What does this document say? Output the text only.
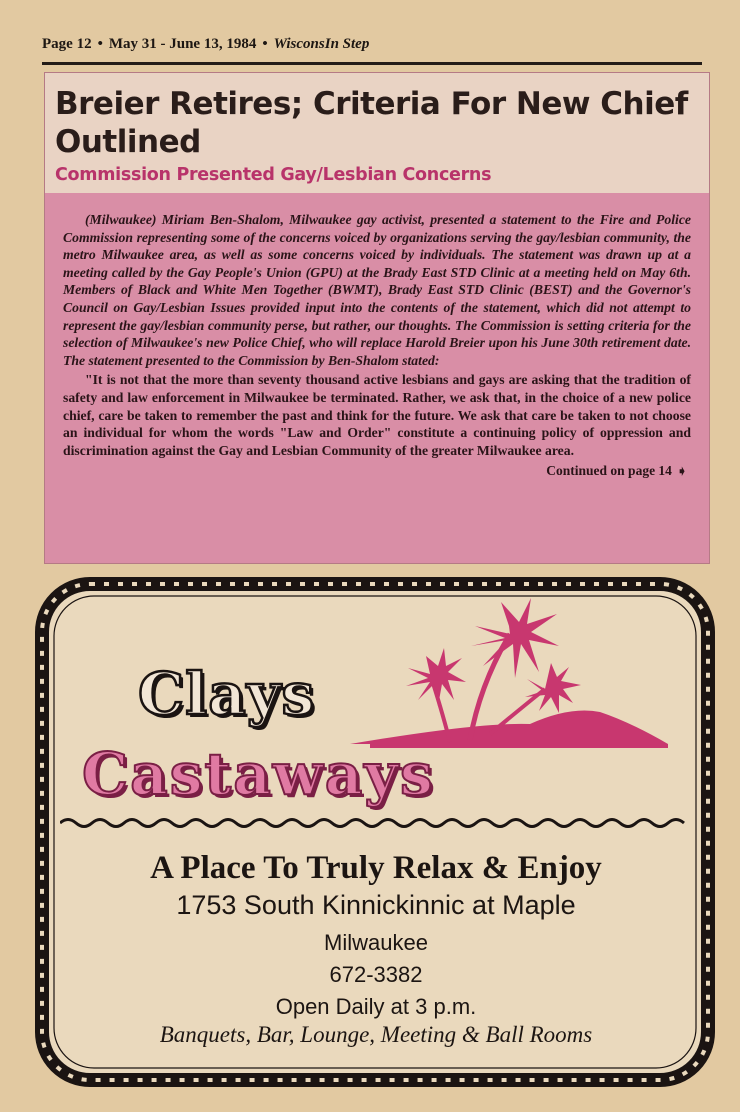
Page 12 • May 31 - June 13, 1984 • WisconsIn Step
Breier Retires; Criteria For New Chief Outlined
Commission Presented Gay/Lesbian Concerns

(Milwaukee) Miriam Ben-Shalom, Milwaukee gay activist, presented a statement to the Fire and Police Commission representing some of the concerns voiced by organizations serving the gay/lesbian community, the metro Milwaukee area, as well as some concerns voiced by individuals. The statement was drawn up at a meeting called by the Gay People's Union (GPU) at the Brady East STD Clinic at a meeting held on May 6th. Members of Black and White Men Together (BWMT), Brady East STD Clinic (BEST) and the Governor's Council on Gay/Lesbian Issues provided input into the contents of the statement, which did not attempt to represent the gay/lesbian community perse, but rather, our thoughts. The Commission is setting criteria for the selection of Milwaukee's new Police Chief, who will replace Harold Breier upon his June 30th retirement date. The statement presented to the Commission by Ben-Shalom stated:

"It is not that the more than seventy thousand active lesbians and gays are asking that the tradition of safety and law enforcement in Milwaukee be terminated. Rather, we ask that, in the choice of a new police chief, care be taken to remember the past and think for the future. We ask that care be taken to not choose an individual for whom the words "Law and Order" constitute a continuing policy of oppression and discrimination against the Gay and Lesbian Community of the greater Milwaukee area.

Continued on page 14 ➧
Clays
Castaways
A Place To Truly Relax & Enjoy
1753 South Kinnickinnic at Maple
Milwaukee
672-3382
Open Daily at 3 p.m.
Banquets, Bar, Lounge, Meeting & Ball Rooms
